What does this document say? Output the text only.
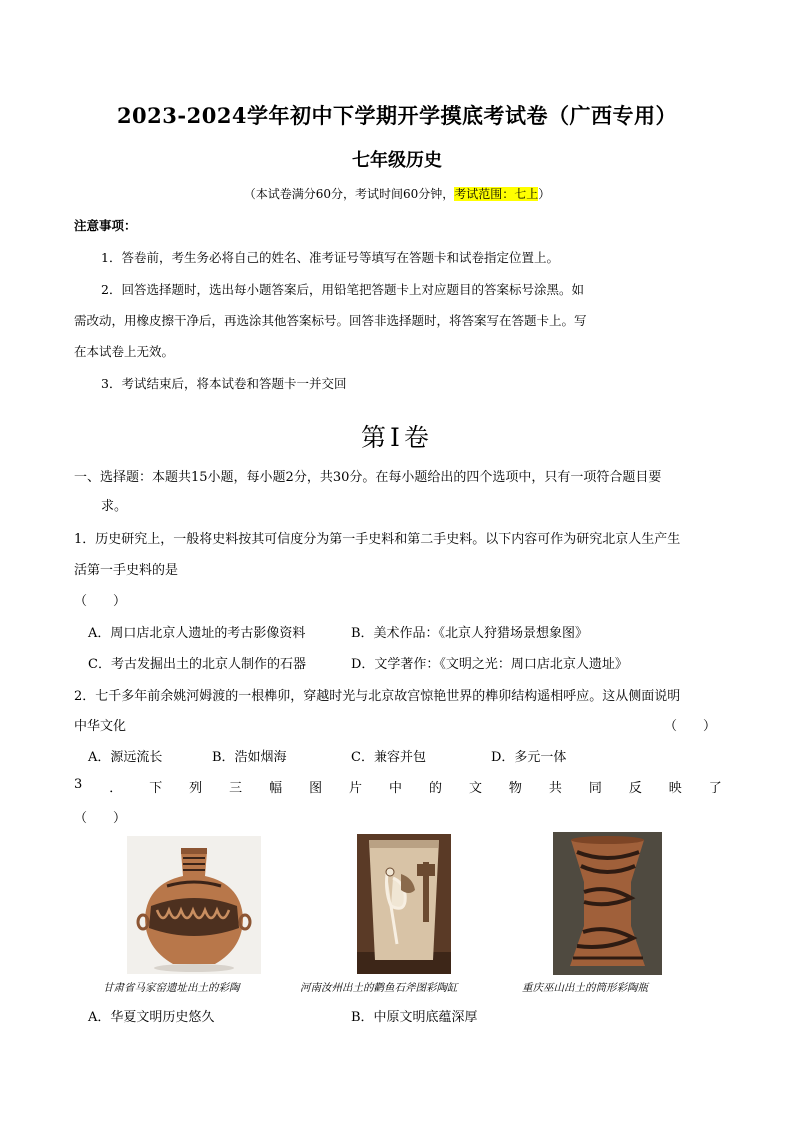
2023-2024学年初中下学期开学摸底考试卷（广西专用）
七年级历史
（本试卷满分60分，考试时间60分钟，考试范围：七上）
注意事项：
1．答卷前，考生务必将自己的姓名、准考证号等填写在答题卡和试卷指定位置上。
2．回答选择题时，选出每小题答案后，用铅笔把答题卡上对应题目的答案标号涂黑。如
需改动，用橡皮擦干净后，再选涂其他答案标号。回答非选择题时，将答案写在答题卡上。写
在本试卷上无效。
3．考试结束后，将本试卷和答题卡一并交回
第Ⅰ卷
一、选择题：本题共15小题，每小题2分，共30分。在每小题给出的四个选项中，只有一项符合题目要
求。
1．历史研究上，一般将史料按其可信度分为第一手史料和第二手史料。以下内容可作为研究北京人生产生
活第一手史料的是
（　　）
A．周口店北京人遗址的考古影像资料	B．美术作品：《北京人狩猎场景想象图》
C．考古发掘出土的北京人制作的石器	D．文学著作：《文明之光：周口店北京人遗址》
2．七千多年前余姚河姆渡的一根榫卯，穿越时光与北京故宫惊艳世界的榫卯结构遥相呼应。这从侧面说明
中华文化	（　　）
A．源远流长	B．浩如烟海	C．兼容并包	D．多元一体
3 ． 下 列 三 幅 图 片 中 的 文 物 共 同 反 映 了
（　　）
甘肃省马家窑遗址出土的彩陶	河南汝州出土的鹳鱼石斧图彩陶缸	重庆巫山出土的筒形彩陶瓶
A．华夏文明历史悠久	B．中原文明底蕴深厚
